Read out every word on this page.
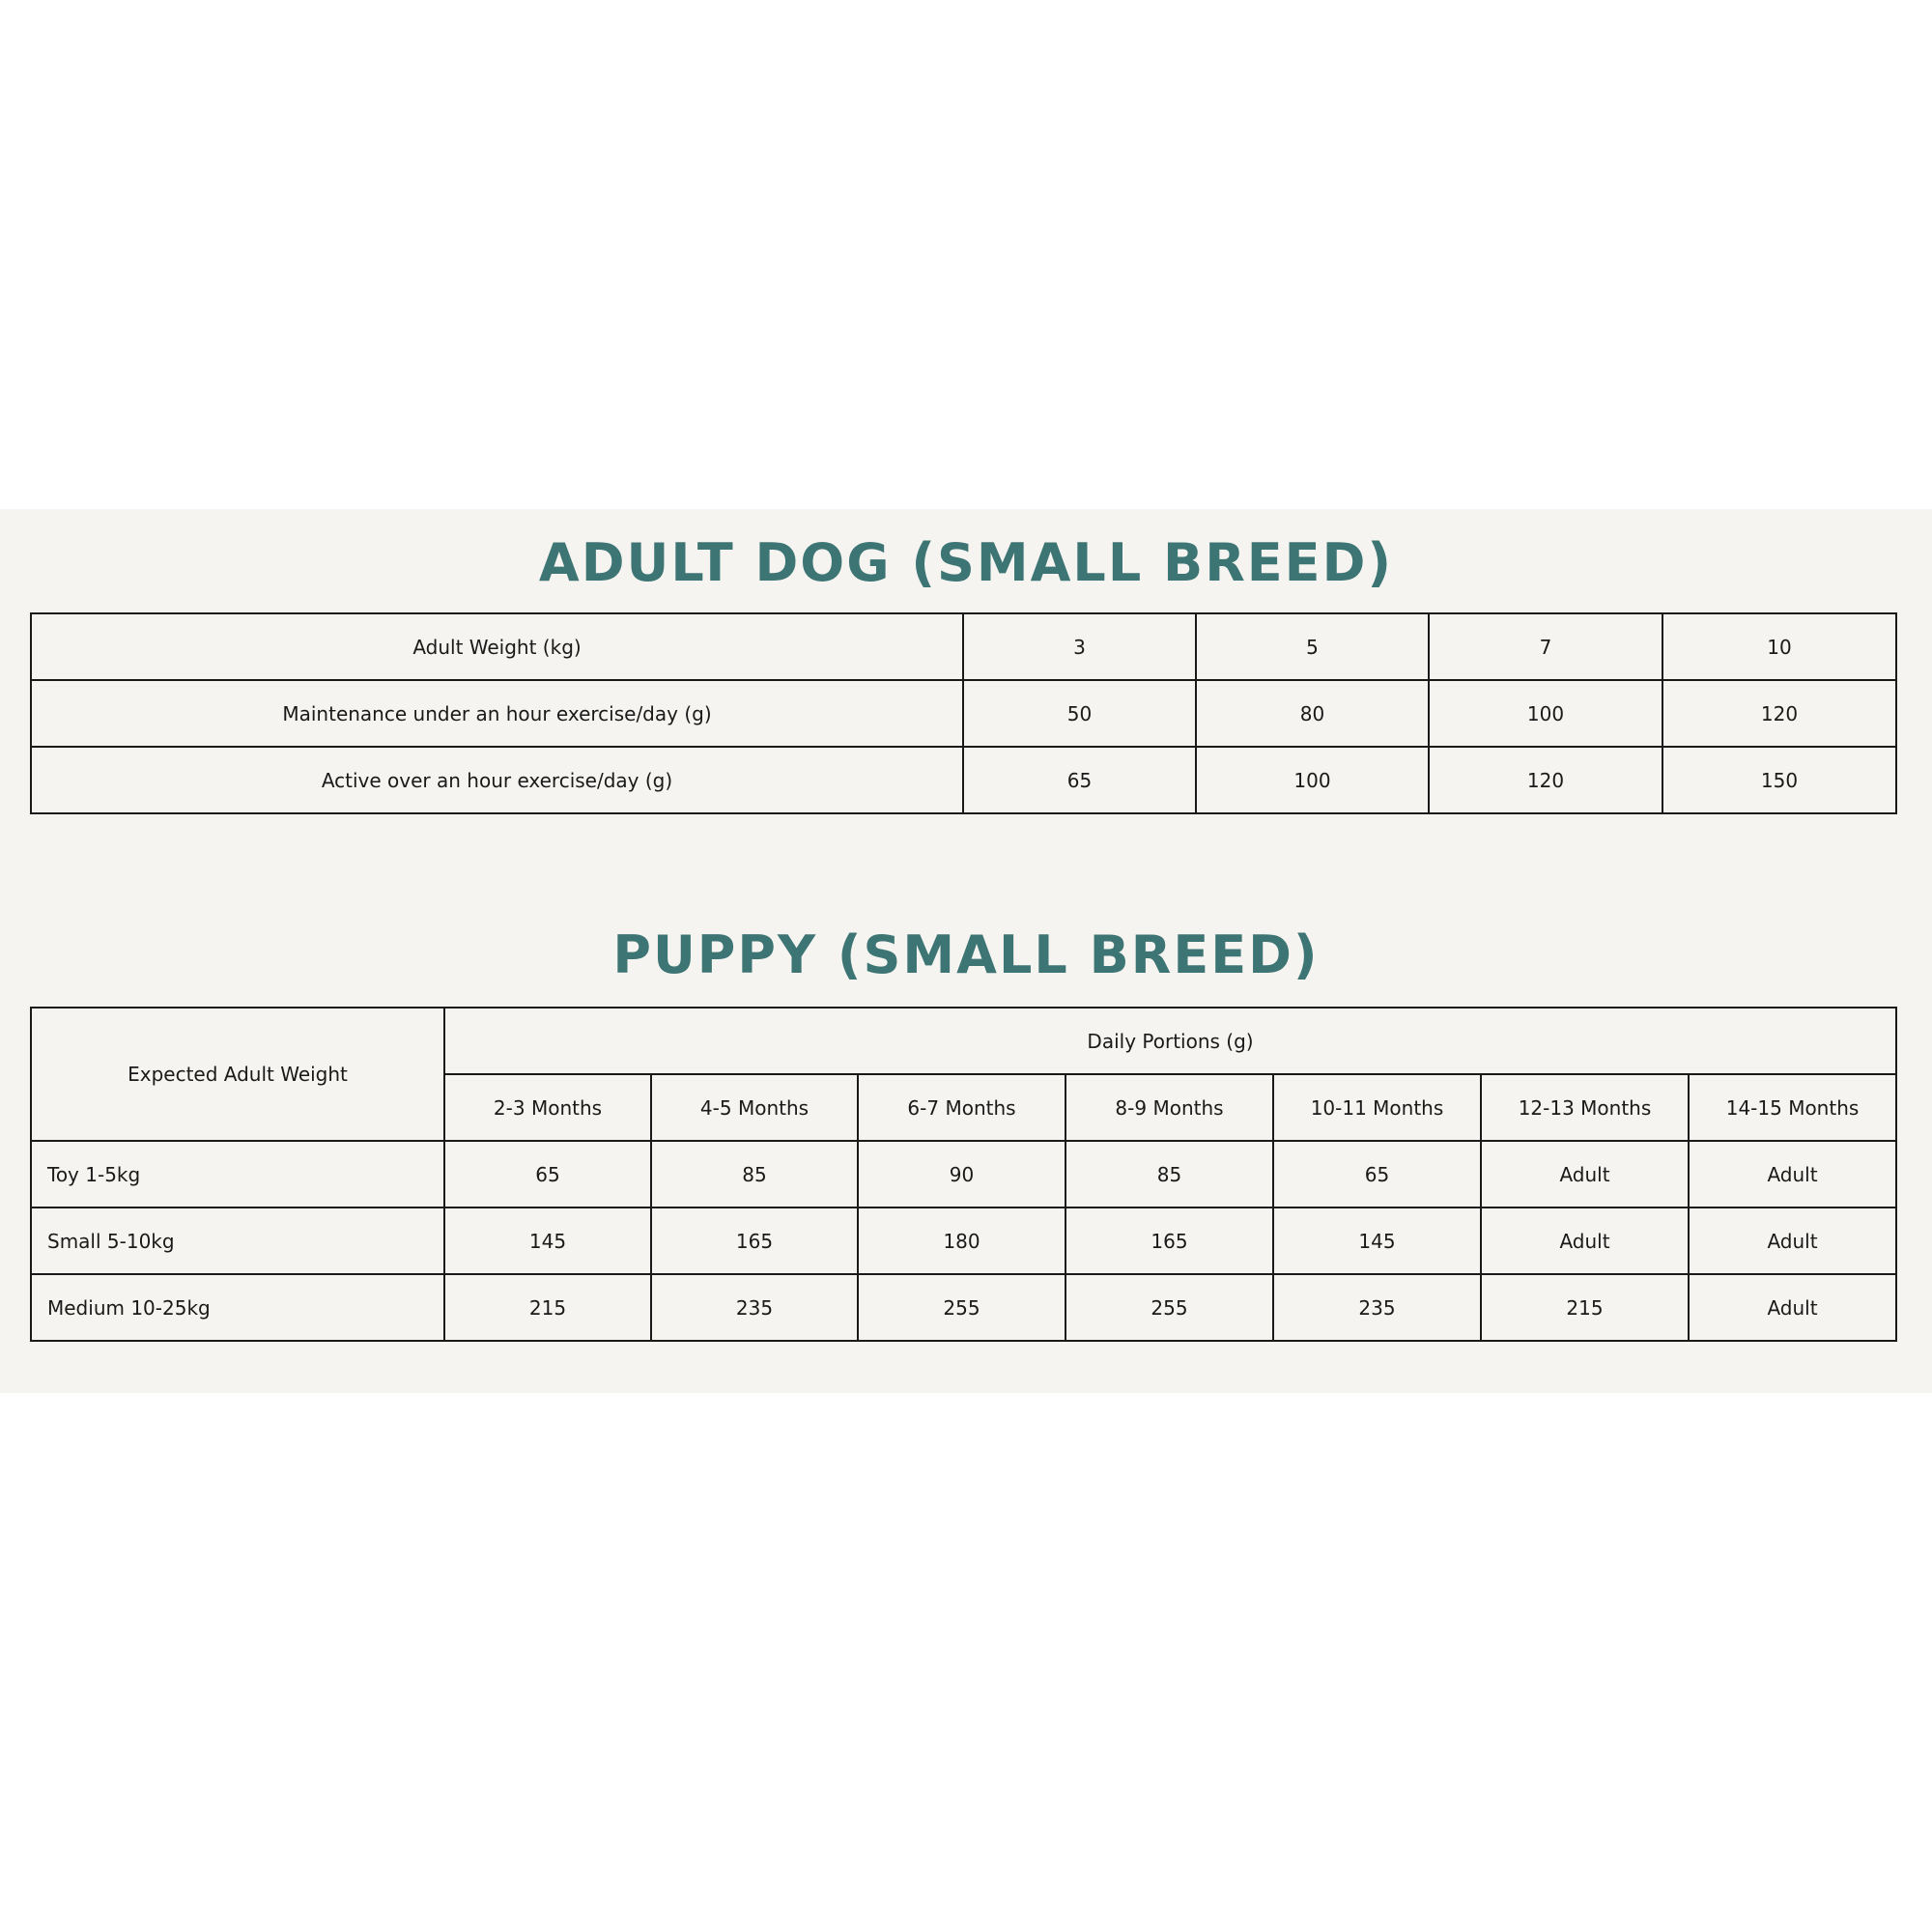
ADULT DOG (SMALL BREED)
Adult Weight (kg)	3	5	7	10
Maintenance under an hour exercise/day (g)	50	80	100	120
Active over an hour exercise/day (g)	65	100	120	150
PUPPY (SMALL BREED)
Expected Adult Weight	Daily Portions (g)						
	2-3 Months	4-5 Months	6-7 Months	8-9 Months	10-11 Months	12-13 Months	14-15 Months
Toy 1-5kg	65	85	90	85	65	Adult	Adult
Small 5-10kg	145	165	180	165	145	Adult	Adult
Medium 10-25kg	215	235	255	255	235	215	Adult
